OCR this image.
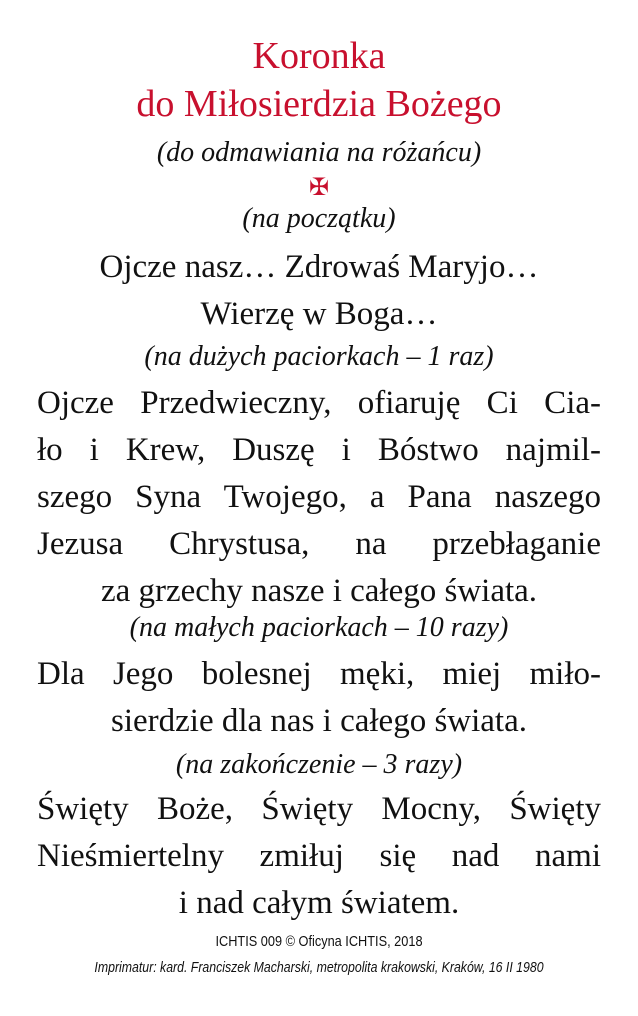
Koronka
do Miłosierdzia Bożego
(do odmawiania na różańcu)
✠
(na początku)
Ojcze nasz… Zdrowaś Maryjo…
Wierzę w Boga…
(na dużych paciorkach – 1 raz)
Ojcze Przedwieczny, ofiaruję Ci Cia-
ło i Krew, Duszę i Bóstwo najmil-
szego Syna Twojego, a Pana naszego
Jezusa Chrystusa, na przebłaganie
za grzechy nasze i całego świata.
(na małych paciorkach – 10 razy)
Dla Jego bolesnej męki, miej miło-
sierdzie dla nas i całego świata.
(na zakończenie – 3 razy)
Święty Boże, Święty Mocny, Święty
Nieśmiertelny zmiłuj się nad nami
i nad całym światem.
ICHTIS 009 © Oficyna ICHTIS, 2018
Imprimatur: kard. Franciszek Macharski, metropolita krakowski, Kraków, 16 II 1980
